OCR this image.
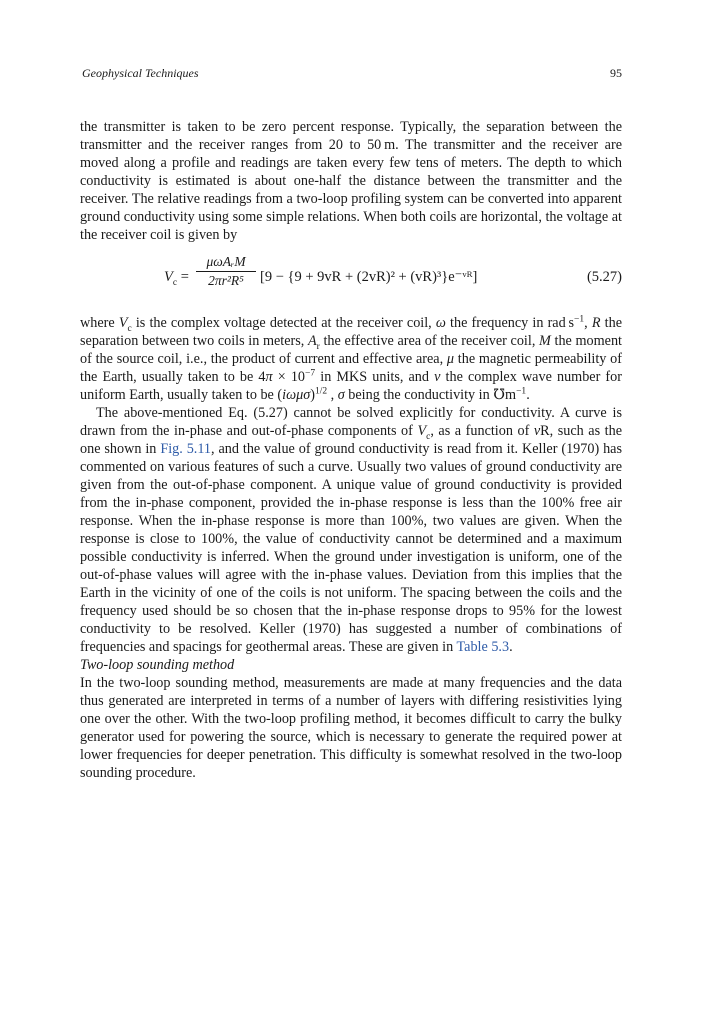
Geophysical Techniques	95

the transmitter is taken to be zero percent response. Typically, the separation between the transmitter and the receiver ranges from 20 to 50 m. The transmitter and the receiver are moved along a profile and readings are taken every few tens of meters. The depth to which conductivity is estimated is about one-half the distance between the transmitter and the receiver. The relative readings from a two-loop profiling system can be converted into apparent ground conductivity using some simple relations. When both coils are horizontal, the voltage at the receiver coil is given by

$V_c$ =
μωAᵣM
2πr²R⁵	[9 − {9 + 9vR + (2vR)² + (vR)³}e⁻ᵛᴿ]	(5.27)

where $V_c$ is the complex voltage detected at the receiver coil, ω the frequency in rad $s^{-1}$, R the separation between two coils in meters, $A_r$ the effective area of the receiver coil, M the moment of the source coil, i.e., the product of current and effective area, μ the magnetic permeability of the Earth, usually taken to be $4\pi \times 10^{-7}$ in MKS units, and v the complex wave number for uniform Earth, usually taken to be $(i\omega\mu\sigma)^{1/2}$ , σ being the conductivity in $℧m^{-1}$.

The above-mentioned Eq. (5.27) cannot be solved explicitly for conductivity. A curve is drawn from the in-phase and out-of-phase components of $V_c$, as a function of vR, such as the one shown in Fig. 5.11, and the value of ground conductivity is read from it. Keller (1970) has commented on various features of such a curve. Usually two values of ground conductivity are given from the out-of-phase component. A unique value of ground conductivity is provided from the in-phase component, provided the in-phase response is less than the 100% free air response. When the in-phase response is more than 100%, two values are given. When the response is close to 100%, the value of conductivity cannot be determined and a maximum possible conductivity is inferred. When the ground under investigation is uniform, one of the out-of-phase values will agree with the in-phase values. Deviation from this implies that the Earth in the vicinity of one of the coils is not uniform. The spacing between the coils and the frequency used should be so chosen that the in-phase response drops to 95% for the lowest conductivity to be resolved. Keller (1970) has suggested a number of combinations of frequencies and spacings for geothermal areas. These are given in Table 5.3.

Two-loop sounding method

In the two-loop sounding method, measurements are made at many frequencies and the data thus generated are interpreted in terms of a number of layers with differing resistivities lying one over the other. With the two-loop profiling method, it becomes difficult to carry the bulky generator used for powering the source, which is necessary to generate the required power at lower frequencies for deeper penetration. This difficulty is somewhat resolved in the two-loop sounding procedure.
